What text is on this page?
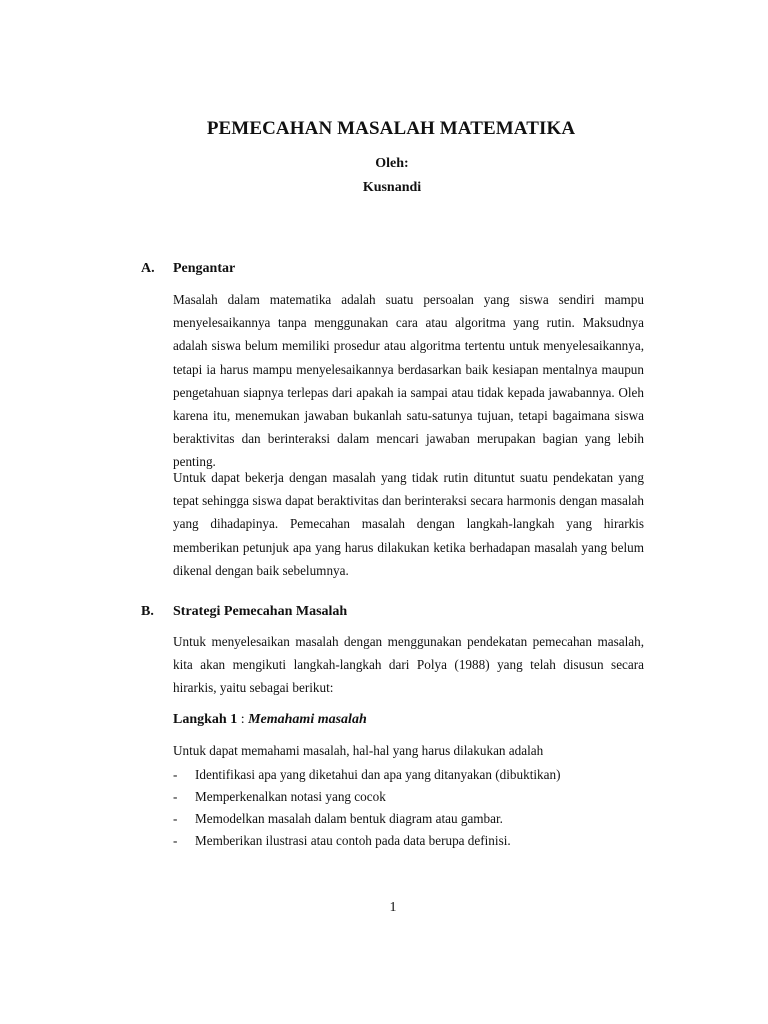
PEMECAHAN MASALAH MATEMATIKA
Oleh:
Kusnandi
A. Pengantar

Masalah dalam matematika adalah suatu persoalan yang siswa sendiri mampu menyelesaikannya tanpa menggunakan cara atau algoritma yang rutin. Maksudnya adalah siswa belum memiliki prosedur atau algoritma tertentu untuk menyelesaikannya, tetapi ia harus mampu menyelesaikannya berdasarkan baik kesiapan mentalnya maupun pengetahuan siapnya terlepas dari apakah ia sampai atau tidak kepada jawabannya. Oleh karena itu, menemukan jawaban bukanlah satu-satunya tujuan, tetapi bagaimana siswa beraktivitas dan berinteraksi dalam mencari jawaban merupakan bagian yang lebih penting.

Untuk dapat bekerja dengan masalah yang tidak rutin dituntut suatu pendekatan yang tepat sehingga siswa dapat beraktivitas dan berinteraksi secara harmonis dengan masalah yang dihadapinya. Pemecahan masalah dengan langkah-langkah yang hirarkis memberikan petunjuk apa yang harus dilakukan ketika berhadapan masalah yang belum dikenal dengan baik sebelumnya.

B. Strategi Pemecahan Masalah

Untuk menyelesaikan masalah dengan menggunakan pendekatan pemecahan masalah, kita akan mengikuti langkah-langkah dari Polya (1988) yang telah disusun secara hirarkis, yaitu sebagai berikut:

Langkah 1 : Memahami masalah

Untuk dapat memahami masalah, hal-hal yang harus dilakukan adalah

- Identifikasi apa yang diketahui dan apa yang ditanyakan (dibuktikan)
- Memperkenalkan notasi yang cocok
- Memodelkan masalah dalam bentuk diagram atau gambar.
- Memberikan ilustrasi atau contoh pada data berupa definisi.
1
